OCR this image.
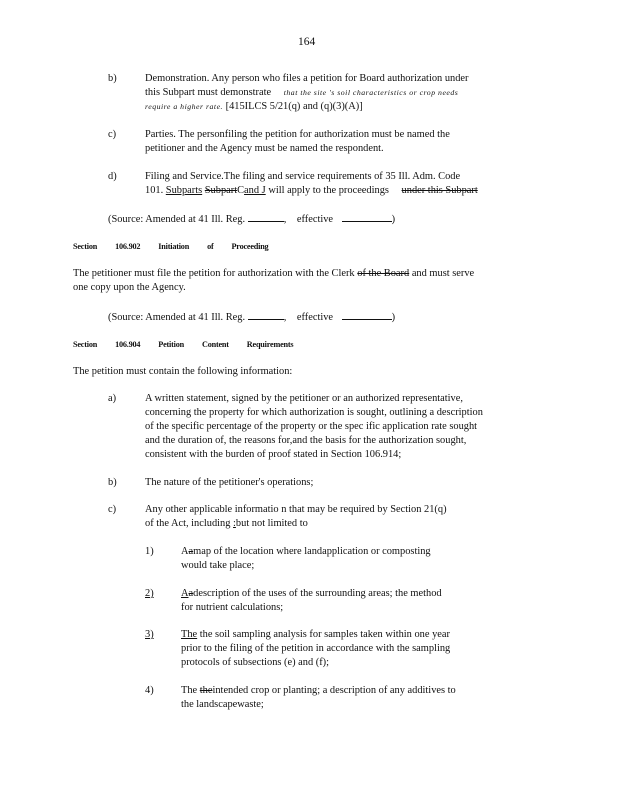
164
b)	Demonstration. Any person who files a petition for Board authorization under
this Subpart must demonstrate that the site 's soil characteristics or crop needs
require a higher rate. [415ILCS 5/21(q) and (q)(3)(A)]
c)	Parties. The personfiling the petition for authorization must be named the
petitioner and the Agency must be named the respondent.
d)	Filing and Service.The filing and service requirements of 35 Ill. Adm. Code
101. Subparts SubpartCand J will apply to the proceedings under this Subpart
(Source: Amended at 41 Ill. Reg.	, effective	)
Section 106.902 Initiation of Proceeding
The petitioner must file the petition for authorization with the Clerk of the Board and must serve
one copy upon the Agency.
(Source: Amended at 41 Ill. Reg.	, effective	)
Section 106.904 Petition Content Requirements
The petition must contain the following information:
a)	A written statement, signed by the petitioner or an authorized representative,
concerning the property for which authorization is sought, outlining a description
of the specific percentage of the property or the spec ific application rate sought
and the duration of, the reasons for,and the basis for the authorization sought,
consistent with the burden of proof stated in Section 106.914;
b)	The nature of the petitioner's operations;
c)	Any other applicable informatio n that may be required by Section 21(q)
of the Act, including :but not limited to
1)	Aamap of the location where landapplication or composting
would take place;
2)	Aadescription of the uses of the surrounding areas; the method
for nutrient calculations;
3)	The the soil sampling analysis for samples taken within one year
prior to the filing of the petition in accordance with the sampling
protocols of subsections (e) and (f);
4)	The theintended crop or planting; a description of any additives to
the landscapewaste;
